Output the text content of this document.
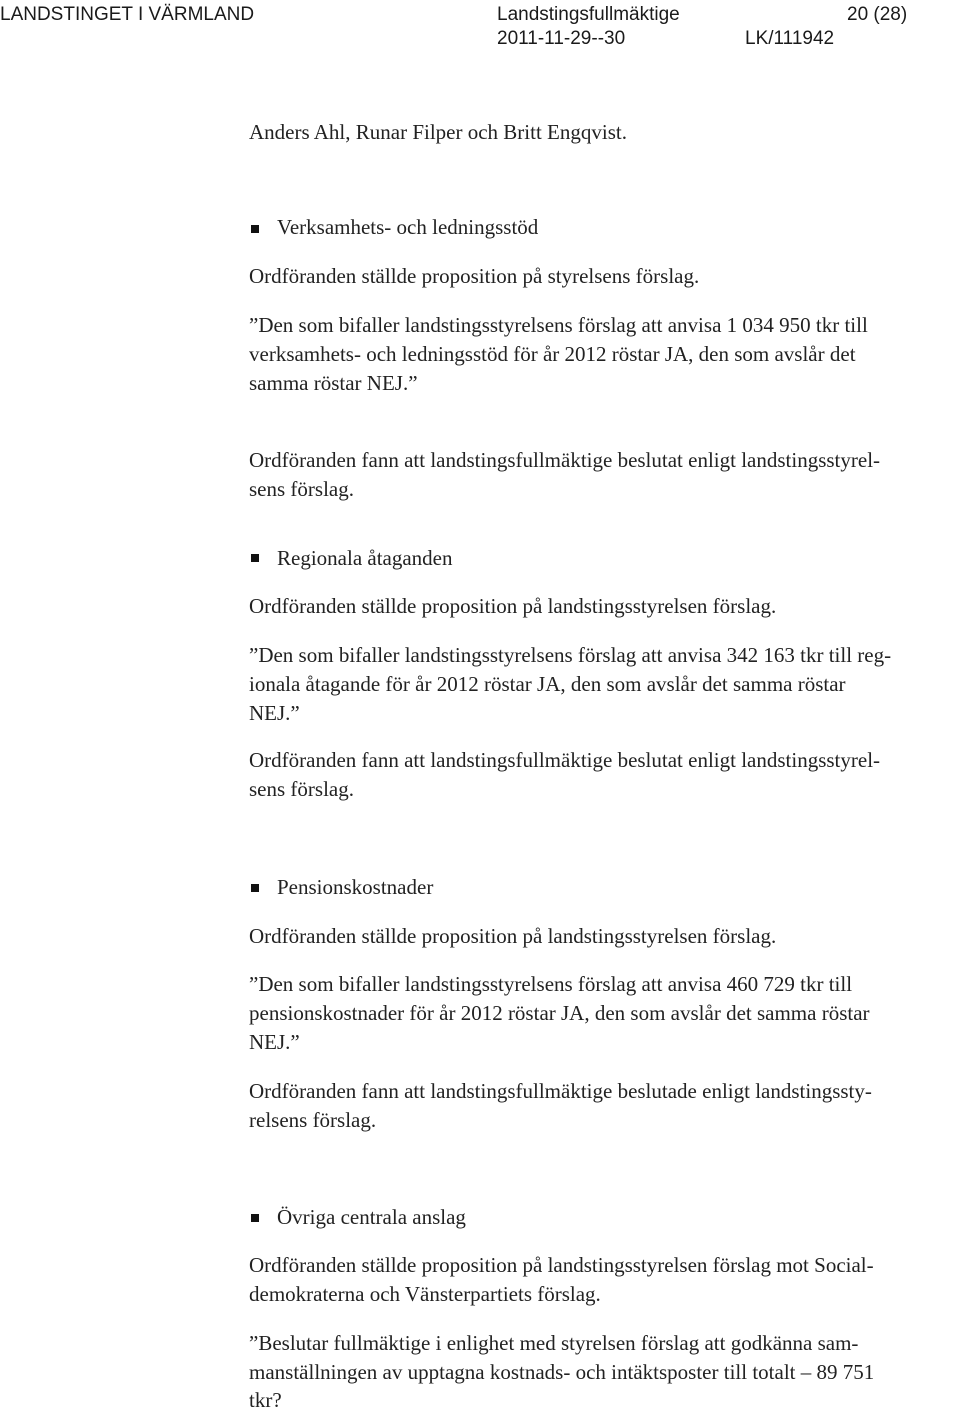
LANDSTINGET I VÄRMLAND	Landstingsfullmäktige	20 (28)
2011-11-29--30	LK/111942
Anders Ahl, Runar Filper och Britt Engqvist.
Verksamhets- och ledningsstöd
Ordföranden ställde proposition på styrelsens förslag.
”Den som bifaller landstingsstyrelsens förslag att anvisa 1 034 950 tkr till
verksamhets- och ledningsstöd för år 2012 röstar JA, den som avslår det
samma röstar NEJ.”
Ordföranden fann att landstingsfullmäktige beslutat enligt landstingsstyrel-
sens förslag.
Regionala åtaganden
Ordföranden ställde proposition på landstingsstyrelsen förslag.
”Den som bifaller landstingsstyrelsens förslag att anvisa 342 163 tkr till reg-
ionala åtagande för år 2012 röstar JA, den som avslår det samma röstar
NEJ.”
Ordföranden fann att landstingsfullmäktige beslutat enligt landstingsstyrel-
sens förslag.
Pensionskostnader
Ordföranden ställde proposition på landstingsstyrelsen förslag.
”Den som bifaller landstingsstyrelsens förslag att anvisa 460 729 tkr till
pensionskostnader för år 2012 röstar JA, den som avslår det samma röstar
NEJ.”
Ordföranden fann att landstingsfullmäktige beslutade enligt landstingssty-
relsens förslag.
Övriga centrala anslag
Ordföranden ställde proposition på landstingsstyrelsen förslag mot Social-
demokraterna och Vänsterpartiets förslag.
”Beslutar fullmäktige i enlighet med styrelsen förslag att godkänna sam-
manställningen av upptagna kostnads- och intäktsposter till totalt – 89 751
tkr?
